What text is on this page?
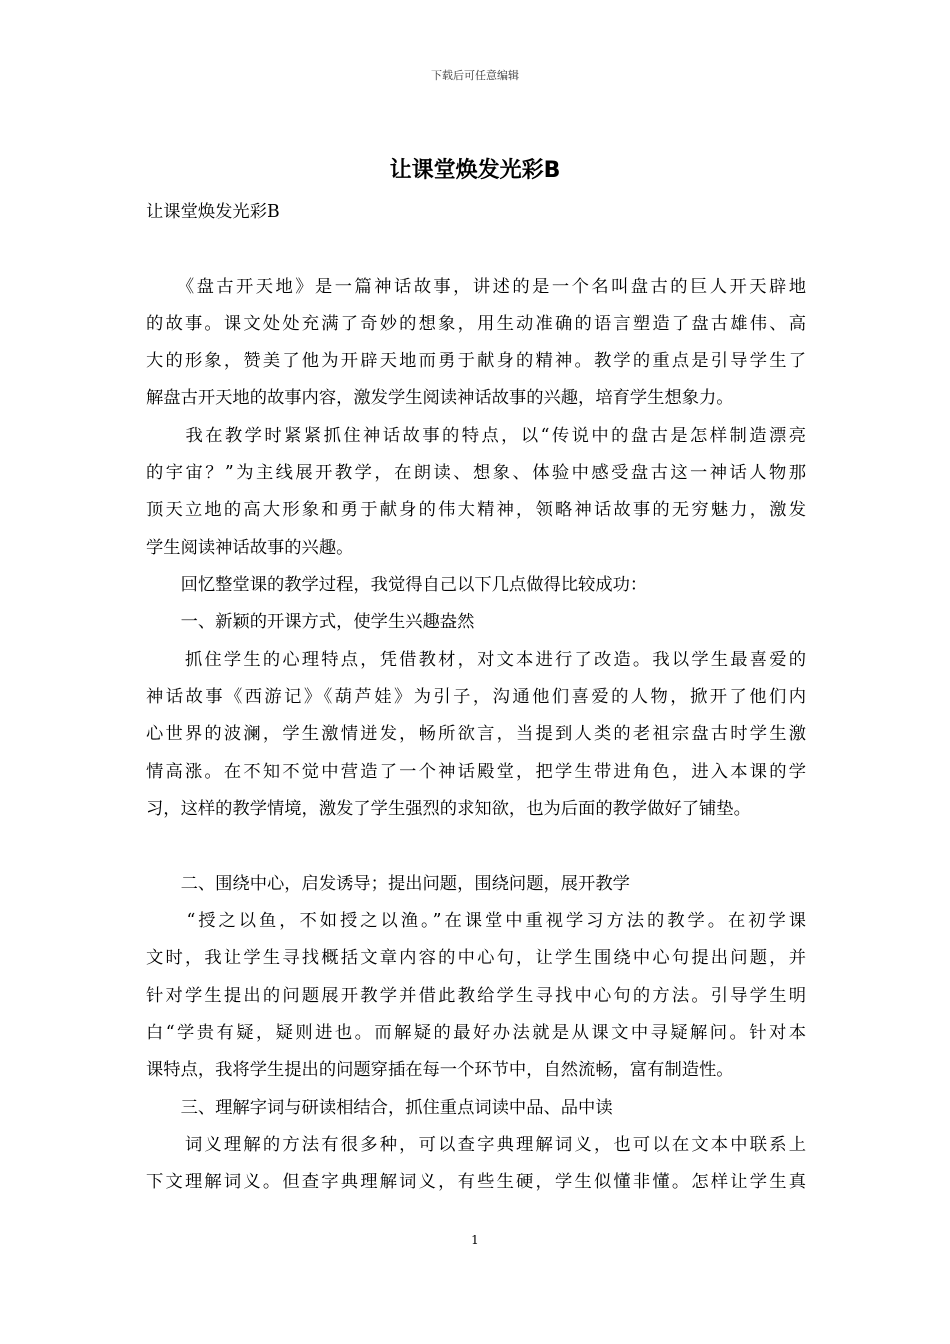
下载后可任意编辑
让课堂焕发光彩B
让课堂焕发光彩B
　　《盘古开天地》是一篇神话故事，讲述的是一个名叫盘古的巨人开天辟地
的故事。课文处处充满了奇妙的想象，用生动准确的语言塑造了盘古雄伟、高
大的形象，赞美了他为开辟天地而勇于献身的精神。教学的重点是引导学生了
解盘古开天地的故事内容，激发学生阅读神话故事的兴趣，培育学生想象力。
　　我在教学时紧紧抓住神话故事的特点，以“传说中的盘古是怎样制造漂亮
的宇宙？”为主线展开教学，在朗读、想象、体验中感受盘古这一神话人物那
顶天立地的高大形象和勇于献身的伟大精神，领略神话故事的无穷魅力，激发
学生阅读神话故事的兴趣。
　　回忆整堂课的教学过程，我觉得自己以下几点做得比较成功：
　　一、新颖的开课方式，使学生兴趣盎然
　　抓住学生的心理特点，凭借教材，对文本进行了改造。我以学生最喜爱的
神话故事《西游记》《葫芦娃》为引子，沟通他们喜爱的人物，掀开了他们内
心世界的波澜，学生激情迸发，畅所欲言，当提到人类的老祖宗盘古时学生激
情高涨。在不知不觉中营造了一个神话殿堂，把学生带进角色，进入本课的学
习，这样的教学情境，激发了学生强烈的求知欲，也为后面的教学做好了铺垫。
　　二、围绕中心，启发诱导；提出问题，围绕问题，展开教学
　　“授之以鱼，不如授之以渔。”在课堂中重视学习方法的教学。在初学课
文时，我让学生寻找概括文章内容的中心句，让学生围绕中心句提出问题，并
针对学生提出的问题展开教学并借此教给学生寻找中心句的方法。引导学生明
白“学贵有疑，疑则进也。而解疑的最好办法就是从课文中寻疑解问。针对本
课特点，我将学生提出的问题穿插在每一个环节中，自然流畅，富有制造性。
　　三、理解字词与研读相结合，抓住重点词读中品、品中读
　　词义理解的方法有很多种，可以查字典理解词义，也可以在文本中联系上
下文理解词义。但查字典理解词义，有些生硬，学生似懂非懂。怎样让学生真
1
